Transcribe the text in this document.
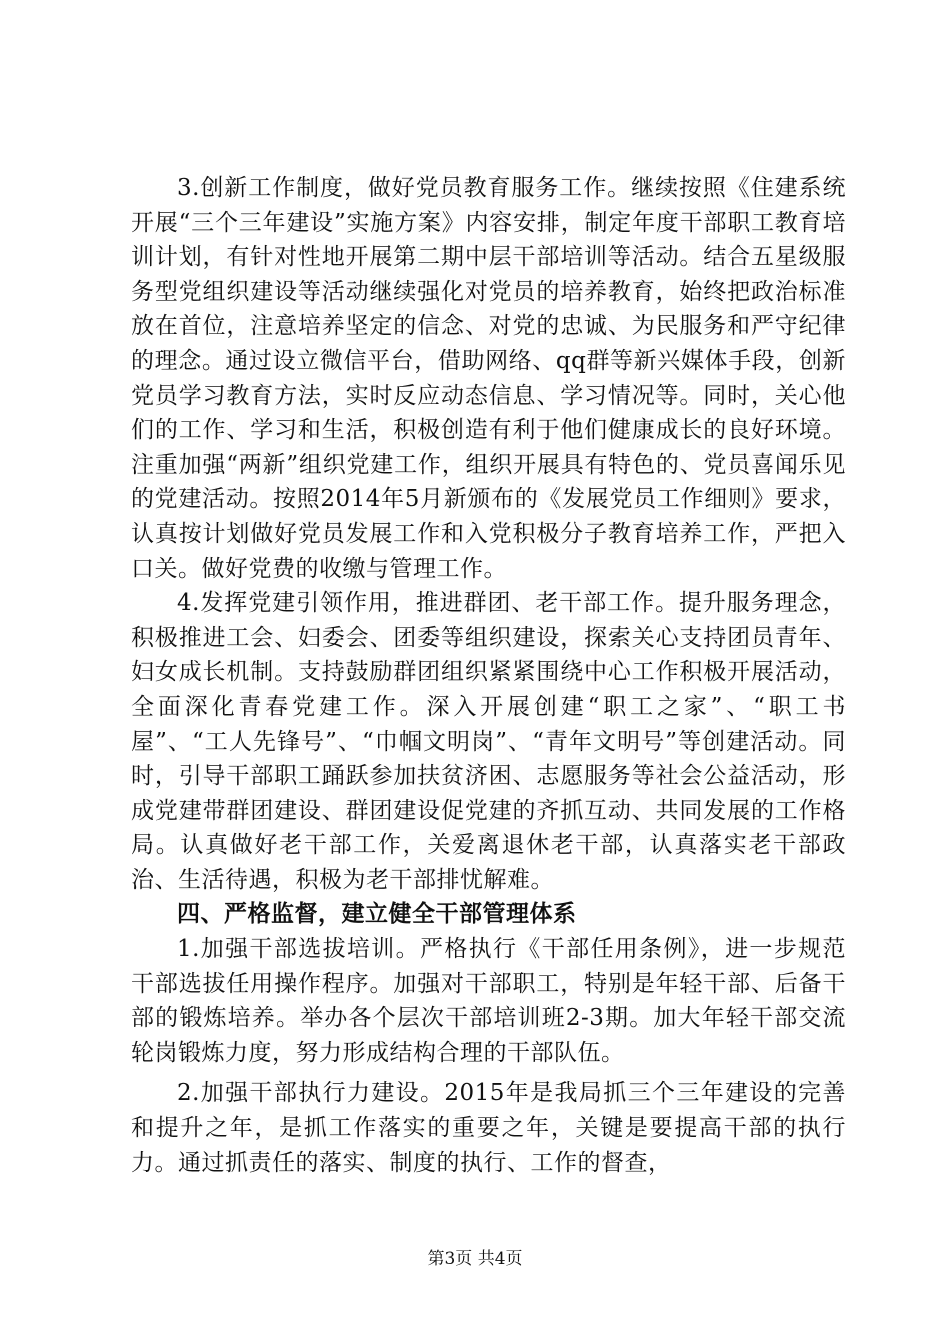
3.创新工作制度，做好党员教育服务工作。继续按照《住建系统开展“三个三年建设”实施方案》内容安排，制定年度干部职工教育培训计划，有针对性地开展第二期中层干部培训等活动。结合五星级服务型党组织建设等活动继续强化对党员的培养教育，始终把政治标准放在首位，注意培养坚定的信念、对党的忠诚、为民服务和严守纪律的理念。通过设立微信平台，借助网络、qq群等新兴媒体手段，创新党员学习教育方法，实时反应动态信息、学习情况等。同时，关心他们的工作、学习和生活，积极创造有利于他们健康成长的良好环境。注重加强“两新”组织党建工作，组织开展具有特色的、党员喜闻乐见的党建活动。按照2014年5月新颁布的《发展党员工作细则》要求，认真按计划做好党员发展工作和入党积极分子教育培养工作，严把入口关。做好党费的收缴与管理工作。

4.发挥党建引领作用，推进群团、老干部工作。提升服务理念，积极推进工会、妇委会、团委等组织建设，探索关心支持团员青年、妇女成长机制。支持鼓励群团组织紧紧围绕中心工作积极开展活动，全面深化青春党建工作。深入开展创建“职工之家”、“职工书屋”、“工人先锋号”、“巾帼文明岗”、“青年文明号”等创建活动。同时，引导干部职工踊跃参加扶贫济困、志愿服务等社会公益活动，形成党建带群团建设、群团建设促党建的齐抓互动、共同发展的工作格局。认真做好老干部工作，关爱离退休老干部，认真落实老干部政治、生活待遇，积极为老干部排忧解难。

四、严格监督，建立健全干部管理体系

1.加强干部选拔培训。严格执行《干部任用条例》，进一步规范干部选拔任用操作程序。加强对干部职工，特别是年轻干部、后备干部的锻炼培养。举办各个层次干部培训班2-3期。加大年轻干部交流轮岗锻炼力度，努力形成结构合理的干部队伍。

2.加强干部执行力建设。2015年是我局抓三个三年建设的完善和提升之年，是抓工作落实的重要之年，关键是要提高干部的执行力。通过抓责任的落实、制度的执行、工作的督查，

第3页 共4页
